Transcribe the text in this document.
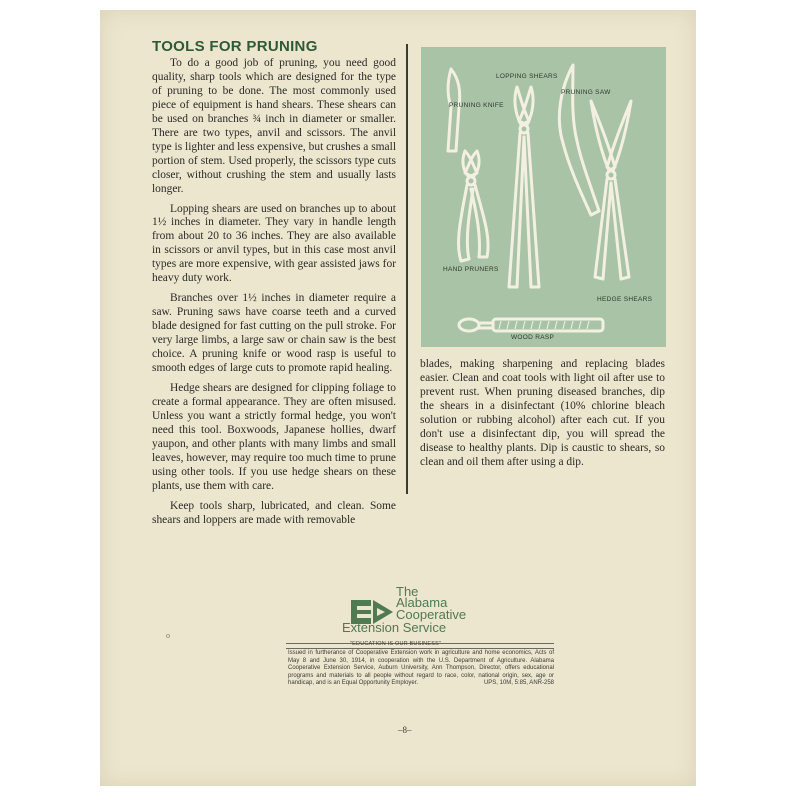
TOOLS FOR PRUNING

To do a good job of pruning, you need good quality, sharp tools which are designed for the type of pruning to be done. The most commonly used piece of equipment is hand shears. These shears can be used on branches ¾ inch in diameter or smaller. There are two types, anvil and scissors. The anvil type is lighter and less expensive, but crushes a small portion of stem. Used properly, the scissors type cuts closer, without crushing the stem and usually lasts longer.

Lopping shears are used on branches up to about 1½ inches in diameter. They vary in handle length from about 20 to 36 inches. They are also available in scissors or anvil types, but in this case most anvil types are more expensive, with gear assisted jaws for heavy duty work.

Branches over 1½ inches in diameter require a saw. Pruning saws have coarse teeth and a curved blade designed for fast cutting on the pull stroke. For very large limbs, a large saw or chain saw is the best choice. A pruning knife or wood rasp is useful to smooth edges of large cuts to promote rapid healing.

Hedge shears are designed for clipping foliage to create a formal appearance. They are often misused. Unless you want a strictly formal hedge, you won't need this tool. Boxwoods, Japanese hollies, dwarf yaupon, and other plants with many limbs and small leaves, however, may require too much time to prune using other tools. If you use hedge shears on these plants, use them with care.

Keep tools sharp, lubricated, and clean. Some shears and loppers are made with removable

LOPPING SHEARS
PRUNING KNIFE
PRUNING SAW
HAND PRUNERS
HEDGE SHEARS
WOOD RASP

blades, making sharpening and replacing blades easier. Clean and coat tools with light oil after use to prevent rust. When pruning diseased branches, dip the shears in a disinfectant (10% chlorine bleach solution or rubbing alcohol) after each cut. If you don't use a disinfectant dip, you will spread the disease to healthy plants. Dip is caustic to shears, so clean and oil them after using a dip.

o
The
Alabama
Cooperative
Extension Service
"EDUCATION IS OUR BUSINESS"
Issued in furtherance of Cooperative Extension work in agriculture and home economics, Acts of May 8 and June 30, 1914, in cooperation with the U.S. Department of Agriculture. Alabama Cooperative Extension Service, Auburn University, Ann Thompson, Director, offers educational programs and materials to all people without regard to race, color, national origin, sex, age or handicap, and is an Equal Opportunity Employer.	UPS, 10M, 5:85, ANR-258
–8–
